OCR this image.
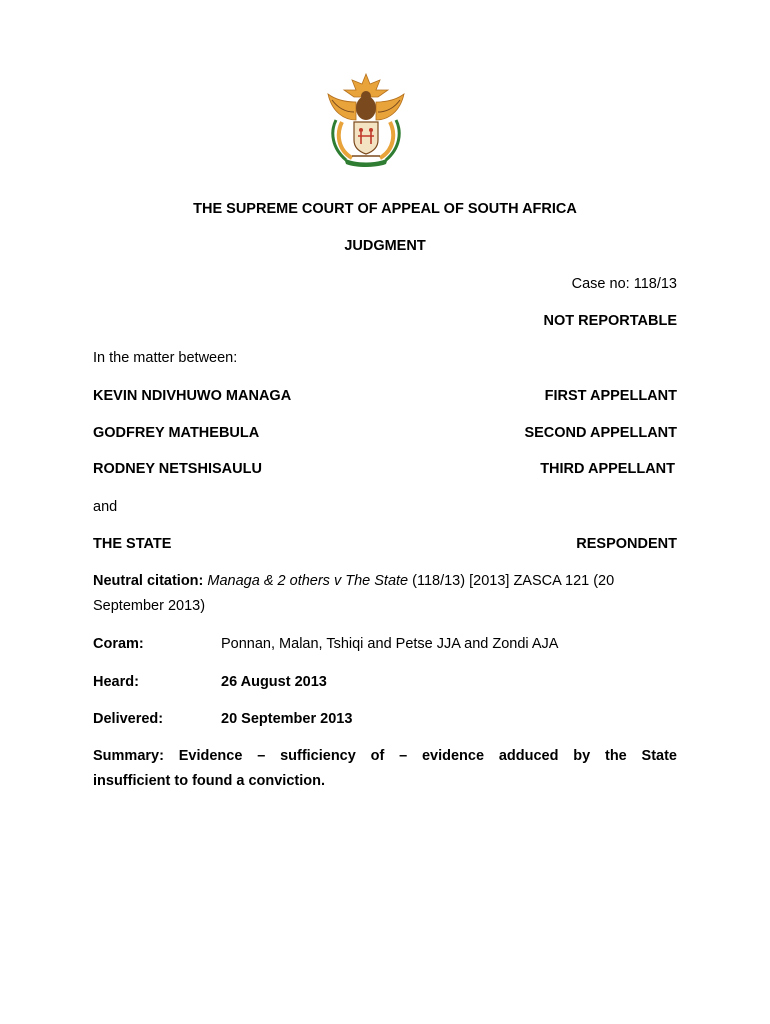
THE SUPREME COURT OF APPEAL OF SOUTH AFRICA
JUDGMENT
Case no: 118/13
NOT REPORTABLE
In the matter between:
KEVIN NDIVHUWO MANAGA	FIRST APPELLANT
GODFREY MATHEBULA	SECOND APPELLANT
RODNEY NETSHISAULU	THIRD APPELLANT
and
THE STATE	RESPONDENT
Neutral citation: Managa & 2 others v The State (118/13) [2013] ZASCA 121 (20
September 2013)
Coram:	Ponnan, Malan, Tshiqi and Petse JJA and Zondi AJA
Heard:	26 August 2013
Delivered:	20 September 2013
Summary: Evidence – sufficiency of – evidence adduced by the State
insufficient to found a conviction.
